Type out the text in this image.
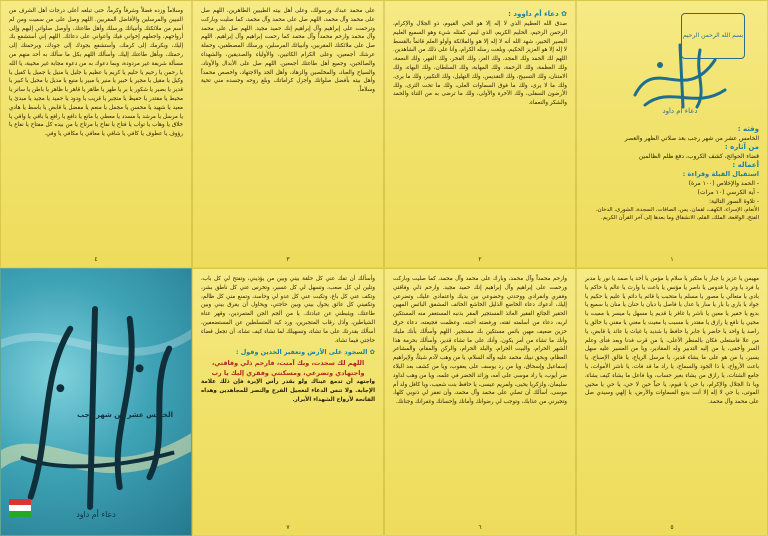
بسم الله الرحمن الرحيم
دعاء أم داود
وقته :
الخامس عشر من شهر رجب بعد صلاتي الظهر والعصر
من آثاره :
قضاء الحوائج، كشف الكروب، دفع ظلم الظالمين
أعماله :
استقبال القبلة وقراءة :
- الحمد والإخلاص (١٠٠ مرة)
- آية الكرسي (١٠ مرات)
- تلاوة السور التالية:
الأنعام، الإسراء، الكهف، لقمان، يس، الصافات، السجدة، الشورى، الدخان، الفتح، الواقعة، الملك، القلم، الانشقاق وما بعدها إلى آخر القرآن الكريم.
١
✿ دعاء أم داوود :
صدق الله العظيم الذي لا إله إلا هو الحي القيوم، ذو الجلال والإكرام، الرحمن الرحيم، الحليم الكريم، الذي ليس كمثله شيء وهو السميع العليم البصير الخبير، شهد الله أنه لا إله إلا هو والملائكة وأولو العلم قائماً بالقسط لا إله إلا هو العزيز الحكيم، وبلغت رسله الكرام، وأنا على ذلك من الشاهدين. اللهم لك الحمد ولك المجد، ولك العز، ولك الفخر، ولك القهر، ولك النعمة، ولك العظمة، ولك الرحمة، ولك المهابة، ولك السلطان، ولك البهاء، ولك الامتنان، ولك التسبيح، ولك التقديس، ولك التهليل، ولك التكبير، ولك ما يرى، ولك ما لا يرى، ولك ما فوق السماوات العلى، ولك ما تحت الثرى، ولك الأرضون السفلى، ولك الآخرة والأولى، ولك ما ترضى به من الثناء والحمد والشكر والنعماء.
٢
على محمد عبدك ورسولك، وعلى أهل بيته الطيبين الطاهرين، اللهم صل على محمد وآل محمد، اللهم صل على محمد وآل محمد، كما صليت وباركت وترحمت على إبراهيم وآل إبراهيم إنك حميد مجيد. اللهم صل على محمد وآل محمد وارحم محمداً وآل محمد كما رحمت إبراهيم وآل إبراهيم. اللهم صل على ملائكتك المقربين، وأنبيائك المرسلين، ورسلك المصطفين، وحملة عرشك أجمعين، وعلى الكرام الكاتبين، والأولياء والصديقين، والشهداء والصالحين، وجميع أهل طاعتك أجمعين. اللهم صل على الأبدال والأوتاد، والسياح والعباد، والمخلصين والزهاد، وأهل الجد والاجتهاد، واخصص محمداً وأهل بيته بأفضل صلواتك وأجزل كراماتك، وبلغ روحه وجسده مني تحية وسلاماً.
٣
وسلاماً وزده فضلاً وشرفاً وكرماً، حتى تبلغه أعلى درجات أهل الشرف من النبيين والمرسلين والأفاضل المقربين. اللهم وصل على من سميت ومن لم أسم من ملائكتك وأنبيائك ورسلك وأهل طاعتك، وأوصل صلواتي إليهم وإلى أرواحهم، واجعلهم إخواني فيك وأعواني على دعائك. اللهم إني أستشفع بك إليك، وبكرمك إلى كرمك، وأستشفع بجودك إلى جودك، وبرحمتك إلى رحمتك، وبأهل طاعتك إليك. وأسألك اللهم بكل ما سألك به أحد منهم من مسألة شريفة غير مردودة، وبما دعوك به من دعوة مجابة غير مخيبة، يا الله يا رحمن يا رحيم يا حليم يا كريم يا عظيم يا جليل يا منيل يا جميل يا كفيل يا وكيل يا مقيل يا مجير يا خبير يا منير يا مبير يا منيع يا مديل يا محيل يا كبير يا قدير يا بصير يا شكور يا بر يا طهر يا طاهر يا قاهر يا ظاهر يا باطن يا ساتر يا محيط يا مقتدر يا حفيظ يا متجبر يا قريب يا ودود يا حميد يا مجيد يا مبدئ يا معيد يا شهيد يا محسن يا مجمل يا منعم يا مفضل يا قابض يا باسط يا هادي يا مرسل يا مرشد يا مسدد يا معطي يا مانع يا دافع يا رافع يا باقي يا واقي يا خلاق يا وهاب يا تواب يا فتاح يا نفاح يا مرتاح يا من بيده كل مفتاح يا نفاع يا رؤوف يا عطوف يا كافي يا شافي يا معافي يا مكافي يا وفي.
٤
مهيمن يا عزيز يا جبار يا متكبر يا سلام يا مؤمن يا أحد يا صمد يا نور يا مدبر يا فرد يا وتر يا قدوس يا ناصر يا مؤنس يا باعث يا وارث يا عالم يا حاكم يا بادي يا متعالي يا مصور يا مسلم يا متحبب يا قائم يا دائم يا عليم يا حكيم يا جواد يا باري يا بار يا سار يا عدل يا فاصل يا ديان يا حنان يا منان يا سميع يا بديع يا خفير يا معين يا ناشر يا غافر يا قديم يا مسهل يا ميسر يا مميت يا محيي يا نافع يا رازق يا مقتدر يا مسبب يا مغيث يا مغني يا مقني يا خالق يا راصد يا واحد يا حاضر يا جابر يا حافظ يا شديد يا غياث يا عائد يا قابض، يا من علا فاستعلى فكان بالمنظر الأعلى، يا من قرب فدنا وبعد فنأى وعلم السر وأخفى، يا من إليه التدبير وله المقادير، ويا من العسير عليه سهل يسير، يا من هو على ما يشاء قدير، يا مرسل الرياح، يا فالق الإصباح، يا باعث الأرواح، يا ذا الجود والسماح، يا راد ما قد فات، يا ناشر الأموات، يا جامع الشتات، يا رازق من يشاء بغير حساب، ويا فاعل ما يشاء كيف يشاء، ويا ذا الجلال والإكرام، يا حي يا قيوم، يا حياً حين لا حي، يا حي يا محيي الموتى، يا حي لا إله إلا أنت بديع السماوات والأرض، يا إلهي وسيدي صل على محمد وآل محمد.
٥
وارحم محمداً وآل محمد، وبارك على محمد وآل محمد، كما صليت وباركت ورحمت على إبراهيم وآل إبراهيم إنك حميد مجيد. وارحم ذلي وفاقتي وفقري وانفرادي ووحدتي وخضوعي بين يديك واعتمادي عليك، وتضرعي إليك، أدعوك دعاء الخاضع الذليل الخاشع الخائف المشفق البائس المهين الحقير الجائع الفقير العائذ المستجير المقر بذنبه المستغفر منه المستكين لربه، دعاء من أسلمته ثقته، ورفضته أحبته، وعظمت فجيعته، دعاء حرق حزين ضعيف مهين بائس مستكين بك مستجير. اللهم وأسألك بأنك مليك وأنك ما تشاء من أمر يكون، وأنك على ما تشاء قدير، وأسألك بحرمة هذا الشهر الحرام، والبيت الحرام، والبلد الحرام، والركن والمقام، والمشاعر العظام، وبحق نبيك محمد عليه وآله السلام، يا من وهب لآدم شيثاً، ولإبراهيم إسماعيل وإسحاق، ويا من رد يوسف على يعقوب، ويا من كشف بعد البلاء ضر أيوب، يا راد موسى على أمه، وزائد الخضر في علمه، ويا من وهب لداود سليمان، ولزكريا يحيى، ولمريم عيسى، يا حافظ بنت شعيب، ويا كافل ولد أم موسى، أسألك أن تصلي على محمد وآل محمد، وأن تغفر لي ذنوبي كلها، وتجيرني من عذابك، وتوجب لي رضوانك وأمانك وإحسانك وغفرانك وجنانك.
٦
وأسألك أن تفك عني كل حلقة بيني وبين من يؤذيني، وتفتح لي كل باب، وتلين لي كل صعب، وتسهل لي كل عسير، وتخرس عني كل ناطق بشر، وتكف عني كل باغ، وتكبت عني كل عدو لي وحاسد، وتمنع مني كل ظالم، وتكفيني كل عائق يحول بيني وبين حاجتي، ويحاول أن يفرق بيني وبين طاعتك، ويثبطني عن عبادتك. يا من ألجم الجن المتمردين، وقهر عتاة الشياطين، وأذل رقاب المتجبرين، ورد كيد المتسلطين عن المستضعفين، أسألك بقدرتك على ما تشاء، وتسهيلك لما تشاء كيف تشاء، أن تجعل قضاء حاجتي فيما تشاء.
✿ السجود على الأرض وتعفير الخدين وقول :
اللهم لك سجدت، وبك آمنت، فارحم ذلي وفاقتي، واجتهادي وتضرعي، ومسكنتي وفقري إليك يا رب
واجتهد أن تدمع عيناك ولو بقدر رأس الإبرة فإن ذلك علامة الإجابة. ولا تنس الدعاء لتعجيل الفرج والنصر للمجاهدين وهداه الفاتحة لأرواح الشهداء الأبرار.
٧
دعاء أم داود
الخامس عشر من شهر رجب
